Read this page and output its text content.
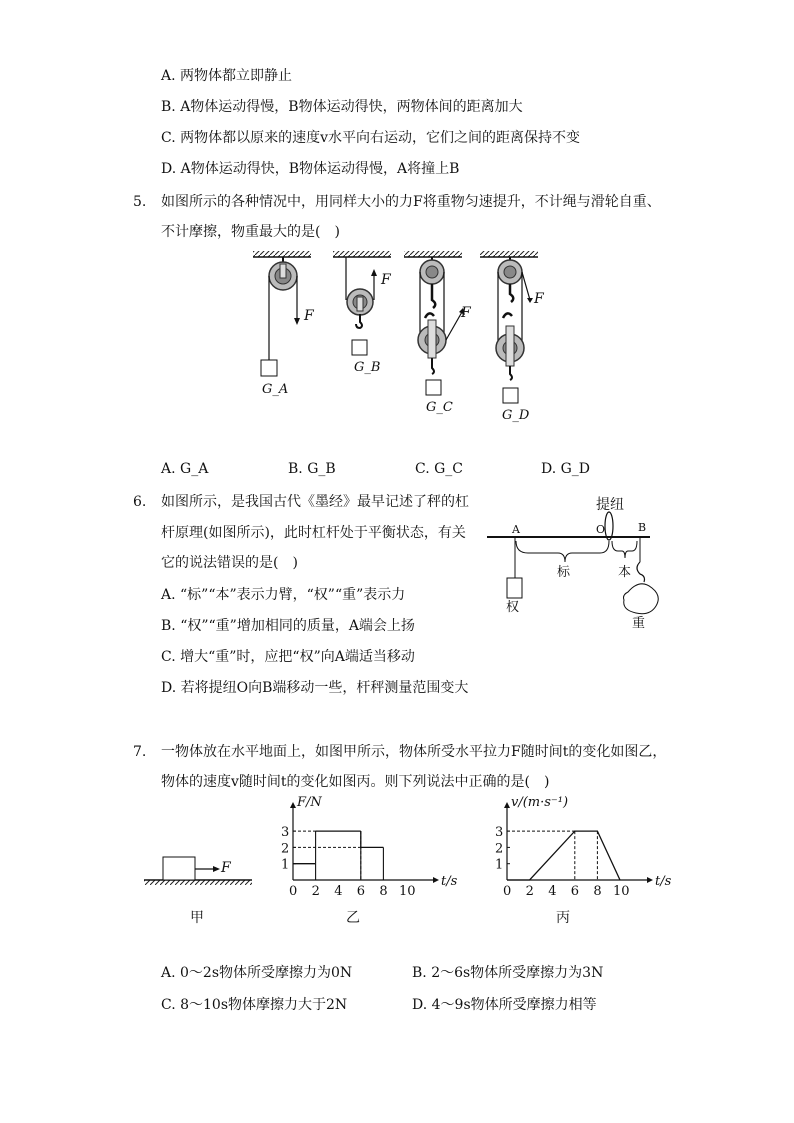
A. 两物体都立即静止
B. A物体运动得慢，B物体运动得快，两物体间的距离加大
C. 两物体都以原来的速度v水平向右运动，它们之间的距离保持不变
D. A物体运动得快，B物体运动得慢，A将撞上B
5. 如图所示的各种情况中，用同样大小的力F将重物匀速提升，不计绳与滑轮自重、
不计摩擦，物重最大的是(　)
F
F
F
F
G_A
G_B
G_C
G_D
A. G_A	B. G_B	C. G_C	D. G_D
6. 如图所示，是我国古代《墨经》最早记述了秤的杠
杆原理(如图所示)，此时杠杆处于平衡状态，有关
它的说法错误的是(　)
A. “标”“本”表示力臂，“权”“重”表示力
B. “权”“重”增加相同的质量，A端会上扬
C. 增大“重”时，应把“权”向A端适当移动
D. 若将提纽O向B端移动一些，杆秤测量范围变大
提纽
A	O	B
标	本
权
重
7. 一物体放在水平地面上，如图甲所示，物体所受水平拉力F随时间t的变化如图乙，
物体的速度v随时间t的变化如图丙。则下列说法中正确的是(　)
F
0 2 4 6 8 10
1
2
3
t/s
F/N
0 2 4 6 8 10
1
2
3
t/s
v/(m·s⁻¹)
甲	乙	丙
A. 0～2s物体所受摩擦力为0N	B. 2～6s物体所受摩擦力为3N
C. 8～10s物体摩擦力大于2N	D. 4～9s物体所受摩擦力相等
